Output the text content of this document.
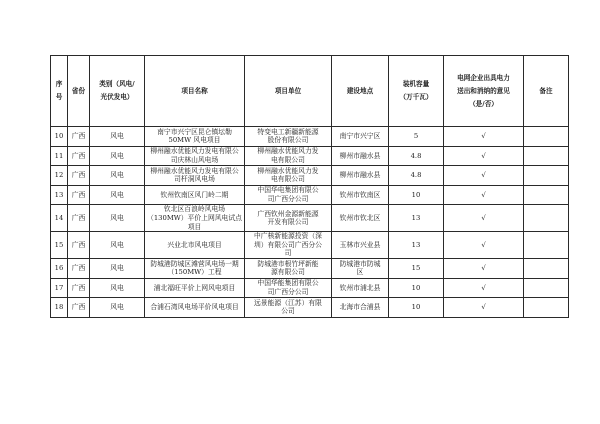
序
号	省份	类别（风电/
光伏发电）	项目名称	项目单位	建设地点	装机容量
（万千瓦）	电网企业出具电力
送出和消纳的意见
（是/否）	备注

10	广西	风电	南宁市兴宁区昆仑镇坛勒
50MW 风电项目	特变电工新疆新能源
股份有限公司	南宁市兴宁区	5	√	
11	广西	风电	柳州融水优能风力发电有限公
司庆林山风电场	柳州融水优能风力发
电有限公司	柳州市融水县	4.8	√	
12	广西	风电	柳州融水优能风力发电有限公
司杆洞风电场	柳州融水优能风力发
电有限公司	柳州市融水县	4.8	√	
13	广西	风电	钦州钦南区风门岭二期	中国华电集团有限公
司广西分公司	钦州市钦南区	10	√	
14	广西	风电	钦北区百浪岭风电场
（130MW）平价上网风电试点
项目	广西钦州金源新能源
开发有限公司	钦州市钦北区	13	√	
15	广西	风电	兴业北市风电项目	中广核新能源投资（深
圳）有限公司广西分公
司	玉林市兴业县	13	√	
16	广西	风电	防城港防城区滩营风电场一期
（150MW）工程	防城港市根竹坪新能
源有限公司	防城港市防城
区	15	√	
17	广西	风电	浦北福旺平价上网风电项目	中国华能集团有限公
司广西分公司	钦州市浦北县	10	√	
18	广西	风电	合浦石湾风电场平价风电项目	远景能源（江苏）有限
公司	北海市合浦县	10	√	
